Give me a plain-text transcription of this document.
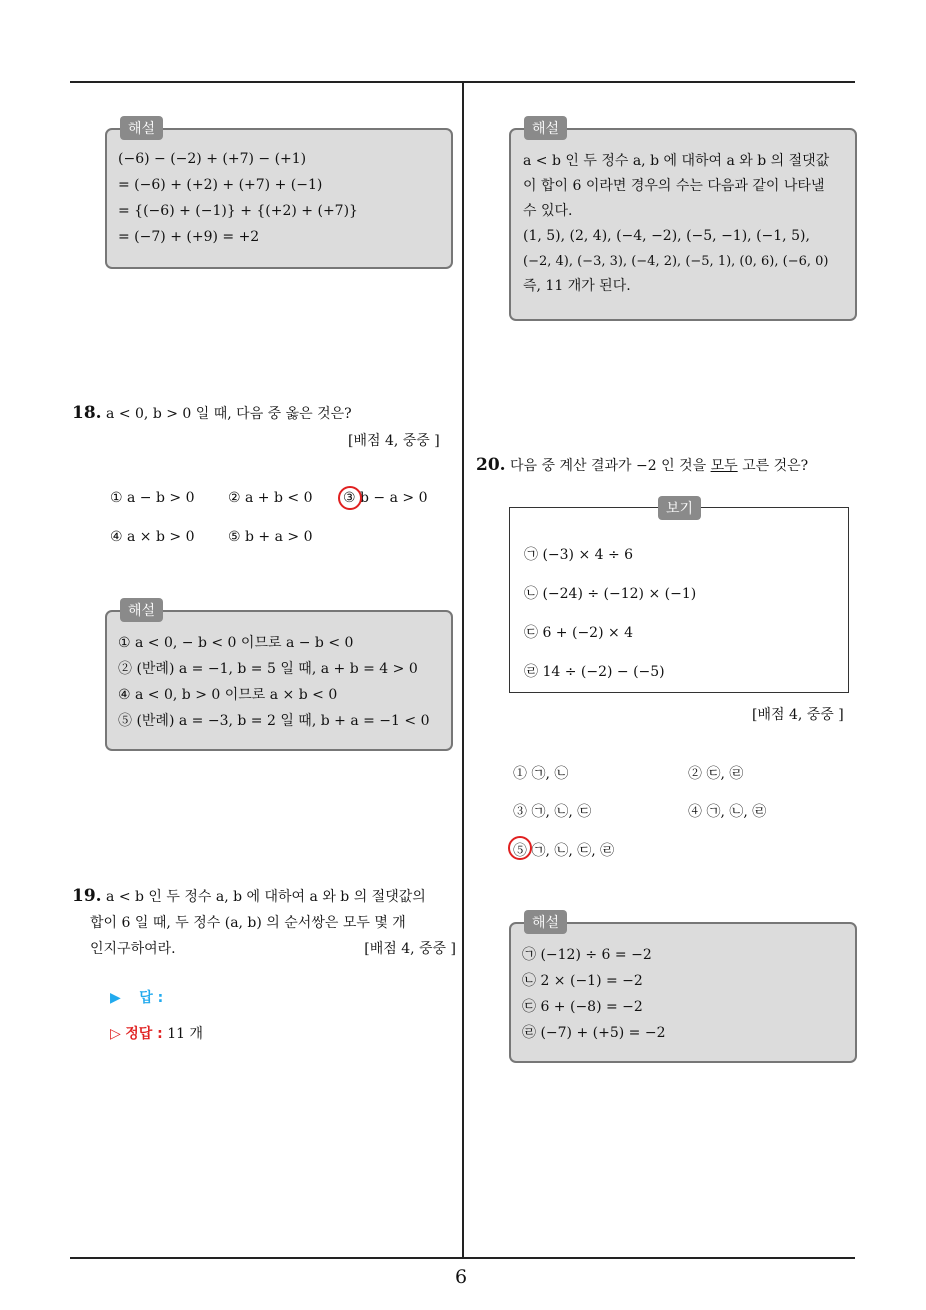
6
(−6) − (−2) + (+7) − (+1)
= (−6) + (+2) + (+7) + (−1)
= {(−6) + (−1)} + {(+2) + (+7)}
= (−7) + (+9) = +2
해설
18. a < 0, b > 0 일 때, 다음 중 옳은 것은?
[배점 4, 중중 ]
① a − b > 0 ② a + b < 0 ③ b − a > 0
④ a × b > 0 ⑤ b + a > 0
① a < 0, − b < 0 이므로 a − b < 0
② (반례) a = −1, b = 5 일 때, a + b = 4 > 0
④ a < 0, b > 0 이므로 a × b < 0
⑤ (반례) a = −3, b = 2 일 때, b + a = −1 < 0
해설
19. a < b 인 두 정수 a, b 에 대하여 a 와 b 의 절댓값의
합이 6 일 때, 두 정수 (a, b) 의 순서쌍은 모두 몇 개
인지구하여라.	[배점 4, 중중 ]
▶ 답 :
▷ 정답 : 11 개
a < b 인 두 정수 a, b 에 대하여 a 와 b 의 절댓값
이 합이 6 이라면 경우의 수는 다음과 같이 나타낼
수 있다.
(1, 5), (2, 4), (−4, −2), (−5, −1), (−1, 5),
(−2, 4), (−3, 3), (−4, 2), (−5, 1), (0, 6), (−6, 0)
즉, 11 개가 된다.
해설
20. 다음 중 계산 결과가 −2 인 것을 모두 고른 것은?
㉠ (−3) × 4 ÷ 6
㉡ (−24) ÷ (−12) × (−1)
㉢ 6 + (−2) × 4
㉣ 14 ÷ (−2) − (−5)
보기
[배점 4, 중중 ]
① ㉠, ㉡	② ㉢, ㉣
③ ㉠, ㉡, ㉢	④ ㉠, ㉡, ㉣
⑤ ㉠, ㉡, ㉢, ㉣
㉠ (−12) ÷ 6 = −2
㉡ 2 × (−1) = −2
㉢ 6 + (−8) = −2
㉣ (−7) + (+5) = −2
해설
